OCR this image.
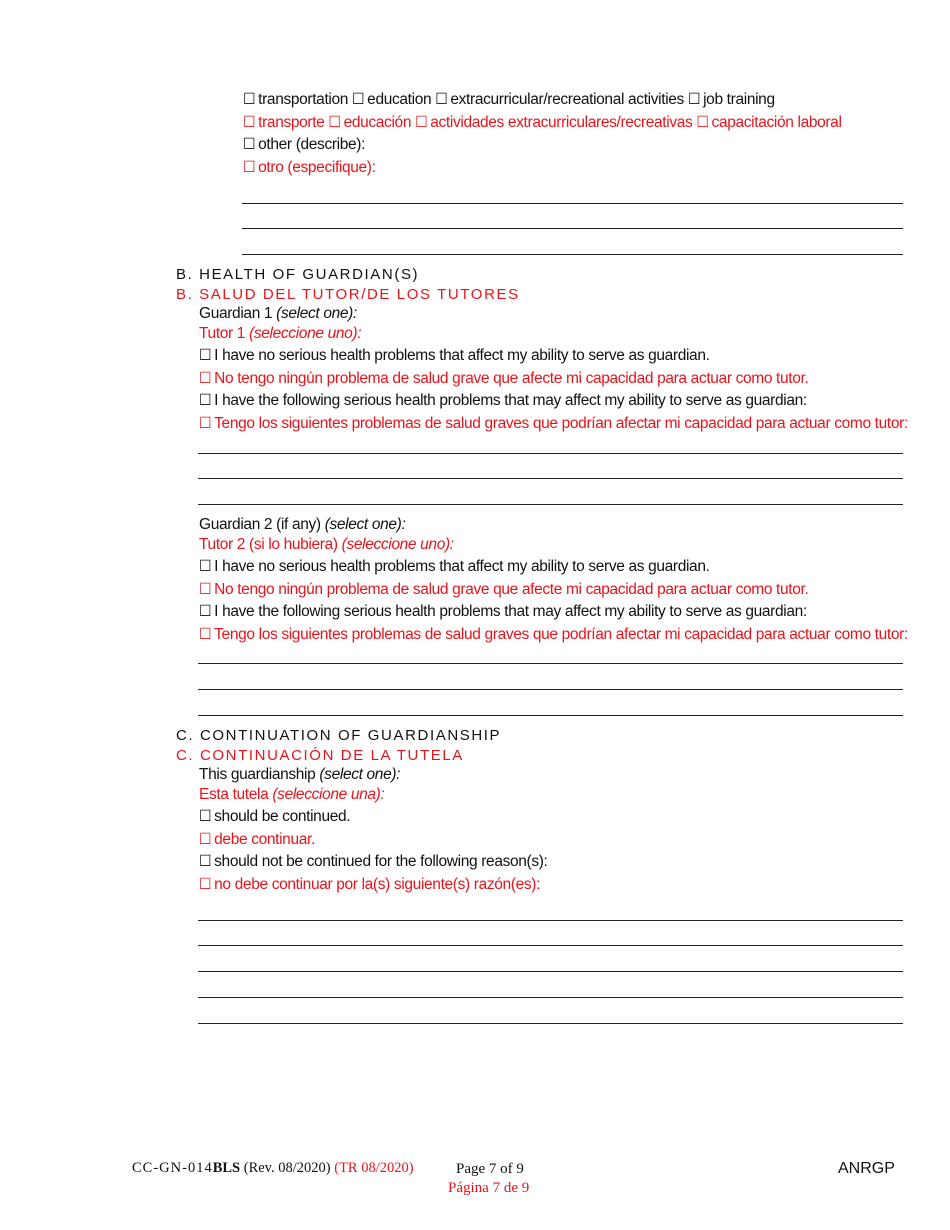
☐ transportation ☐ education ☐ extracurricular/recreational activities ☐ job training
☐ transporte ☐ educación ☐ actividades extracurriculares/recreativas ☐ capacitación laboral
☐ other (describe):
☐ otro (especifique):
B. HEALTH OF GUARDIAN(S)
B. SALUD DEL TUTOR/DE LOS TUTORES
Guardian 1 (select one):
Tutor 1 (seleccione uno):
☐ I have no serious health problems that affect my ability to serve as guardian.
☐ No tengo ningún problema de salud grave que afecte mi capacidad para actuar como tutor.
☐ I have the following serious health problems that may affect my ability to serve as guardian:
☐ Tengo los siguientes problemas de salud graves que podrían afectar mi capacidad para actuar como tutor:
Guardian 2 (if any) (select one):
Tutor 2 (si lo hubiera) (seleccione uno):
☐ I have no serious health problems that affect my ability to serve as guardian.
☐ No tengo ningún problema de salud grave que afecte mi capacidad para actuar como tutor.
☐ I have the following serious health problems that may affect my ability to serve as guardian:
☐ Tengo los siguientes problemas de salud graves que podrían afectar mi capacidad para actuar como tutor:
C. CONTINUATION OF GUARDIANSHIP
C. CONTINUACIÓN DE LA TUTELA
This guardianship (select one):
Esta tutela (seleccione una):
☐ should be continued.
☐ debe continuar.
☐ should not be continued for the following reason(s):
☐ no debe continuar por la(s) siguiente(s) razón(es):
CC-GN-014BLS (Rev. 08/2020) (TR 08/2020)	Page 7 of 9
Página 7 de 9
ANRGP
